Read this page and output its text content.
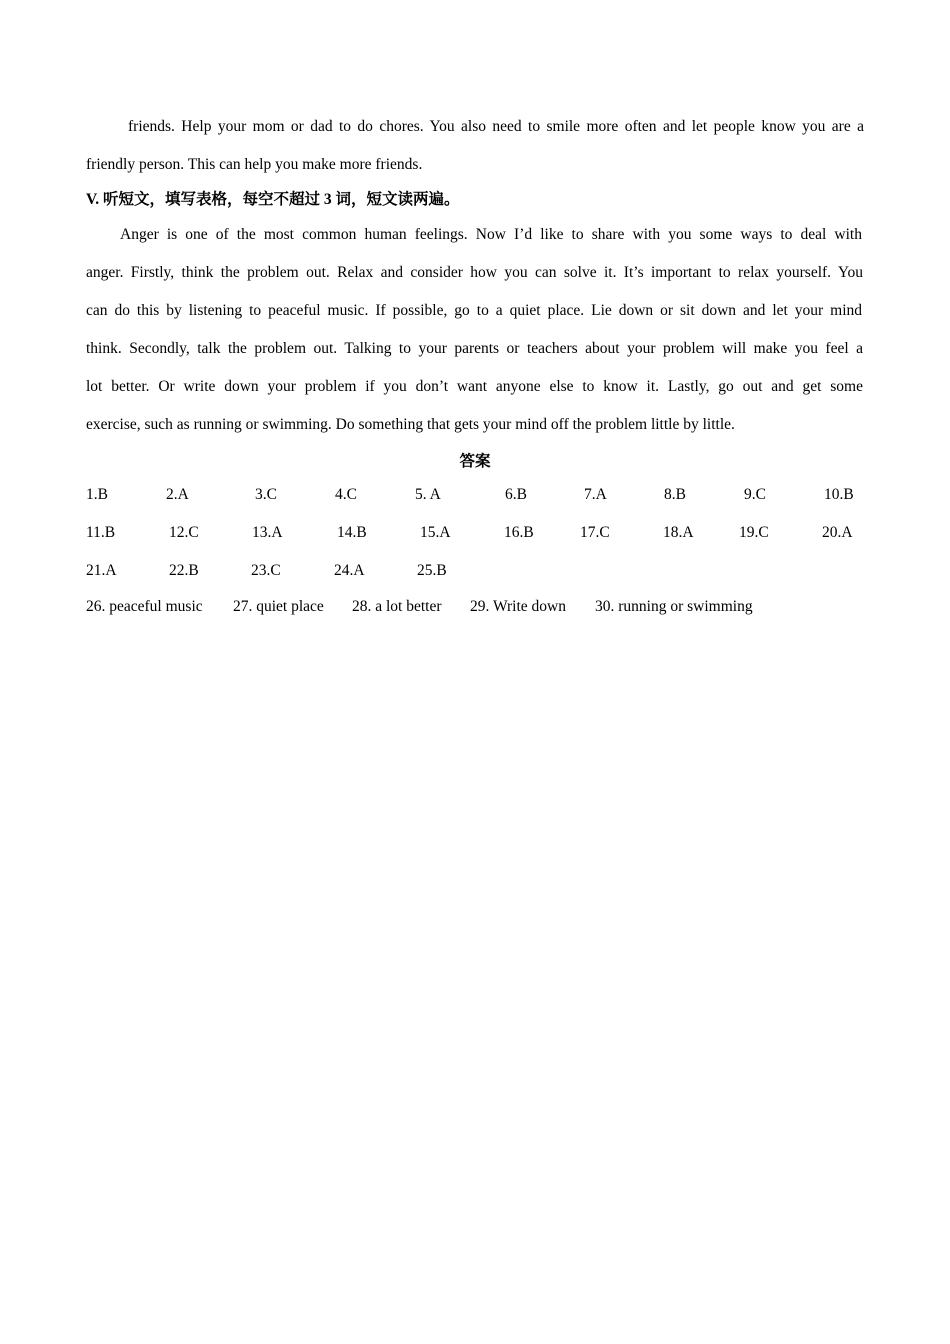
friends. Help your mom or dad to do chores. You also need to smile more often and let people know you are a
friendly person. This can help you make more friends.
V. 听短文，填写表格，每空不超过 3 词，短文读两遍。
Anger is one of the most common human feelings. Now I’d like to share with you some ways to deal with
anger. Firstly, think the problem out. Relax and consider how you can solve it. It’s important to relax yourself. You
can do this by listening to peaceful music. If possible, go to a quiet place. Lie down or sit down and let your mind
think. Secondly, talk the problem out. Talking to your parents or teachers about your problem will make you feel a
lot better. Or write down your problem if you don’t want anyone else to know it. Lastly, go out and get some
exercise, such as running or swimming. Do something that gets your mind off the problem little by little.
答案
1.B	2.A	3.C	4.C	5. A	6.B	7.A	8.B	9.C	10.B
11.B	12.C	13.A	14.B	15.A	16.B	17.C	18.A	19.C	20.A
21.A	22.B	23.C	24.A	25.B
26. peaceful music 27. quiet place 28. a lot better 29. Write down 30. running or swimming
